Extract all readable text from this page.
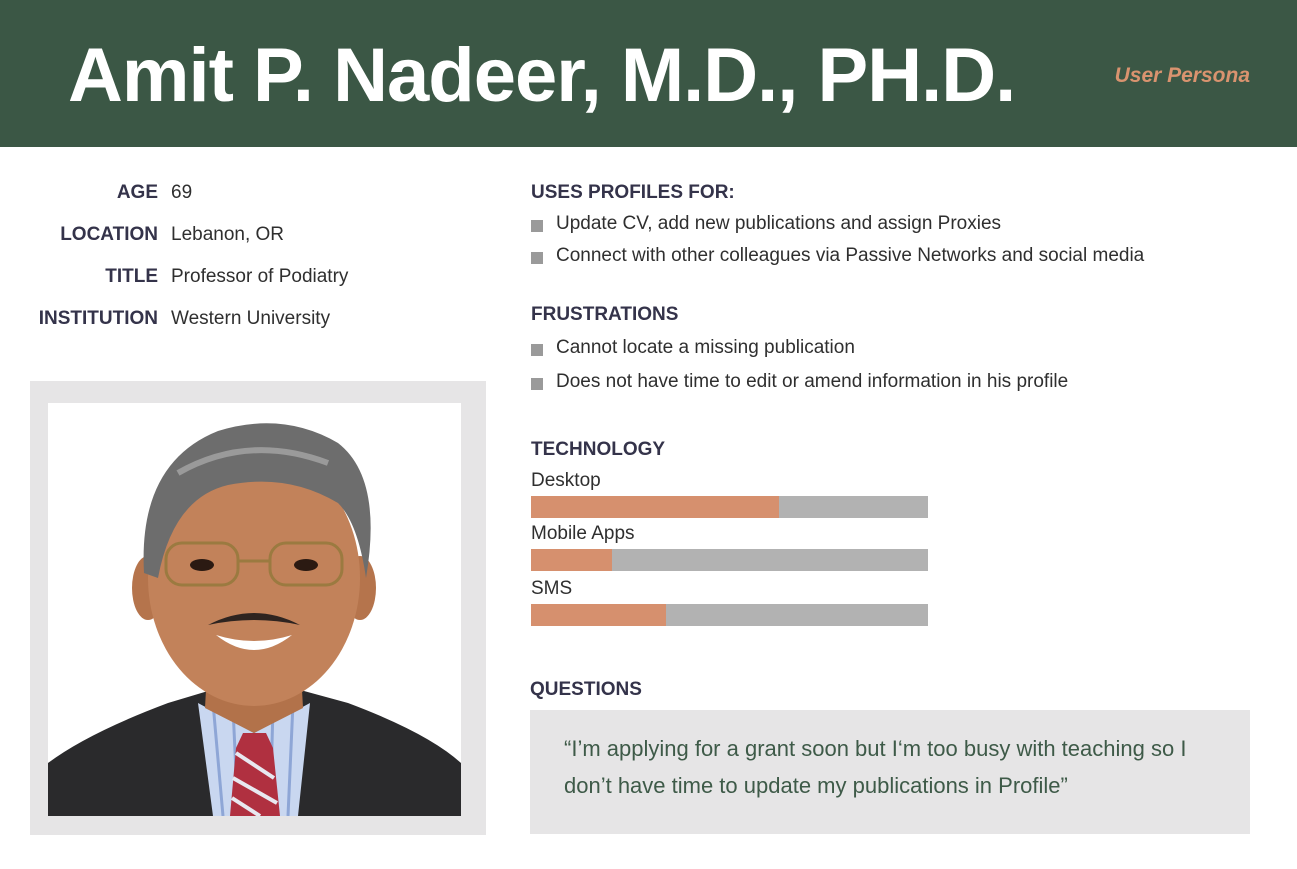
Amit P. Nadeer, M.D., PH.D.	User Persona
AGE 69
LOCATION Lebanon, OR
TITLE Professor of Podiatry
INSTITUTION Western University
USES PROFILES FOR:
Update CV, add new publications and assign Proxies
Connect with other colleagues via Passive Networks and social media
FRUSTRATIONS
Cannot locate a missing publication
Does not have time to edit or amend information in his profile
TECHNOLOGY
Desktop
Mobile Apps
SMS
QUESTIONS
“I’m applying for a grant soon but I‘m too busy with teaching so I don’t have time to update my publications in Profile”
